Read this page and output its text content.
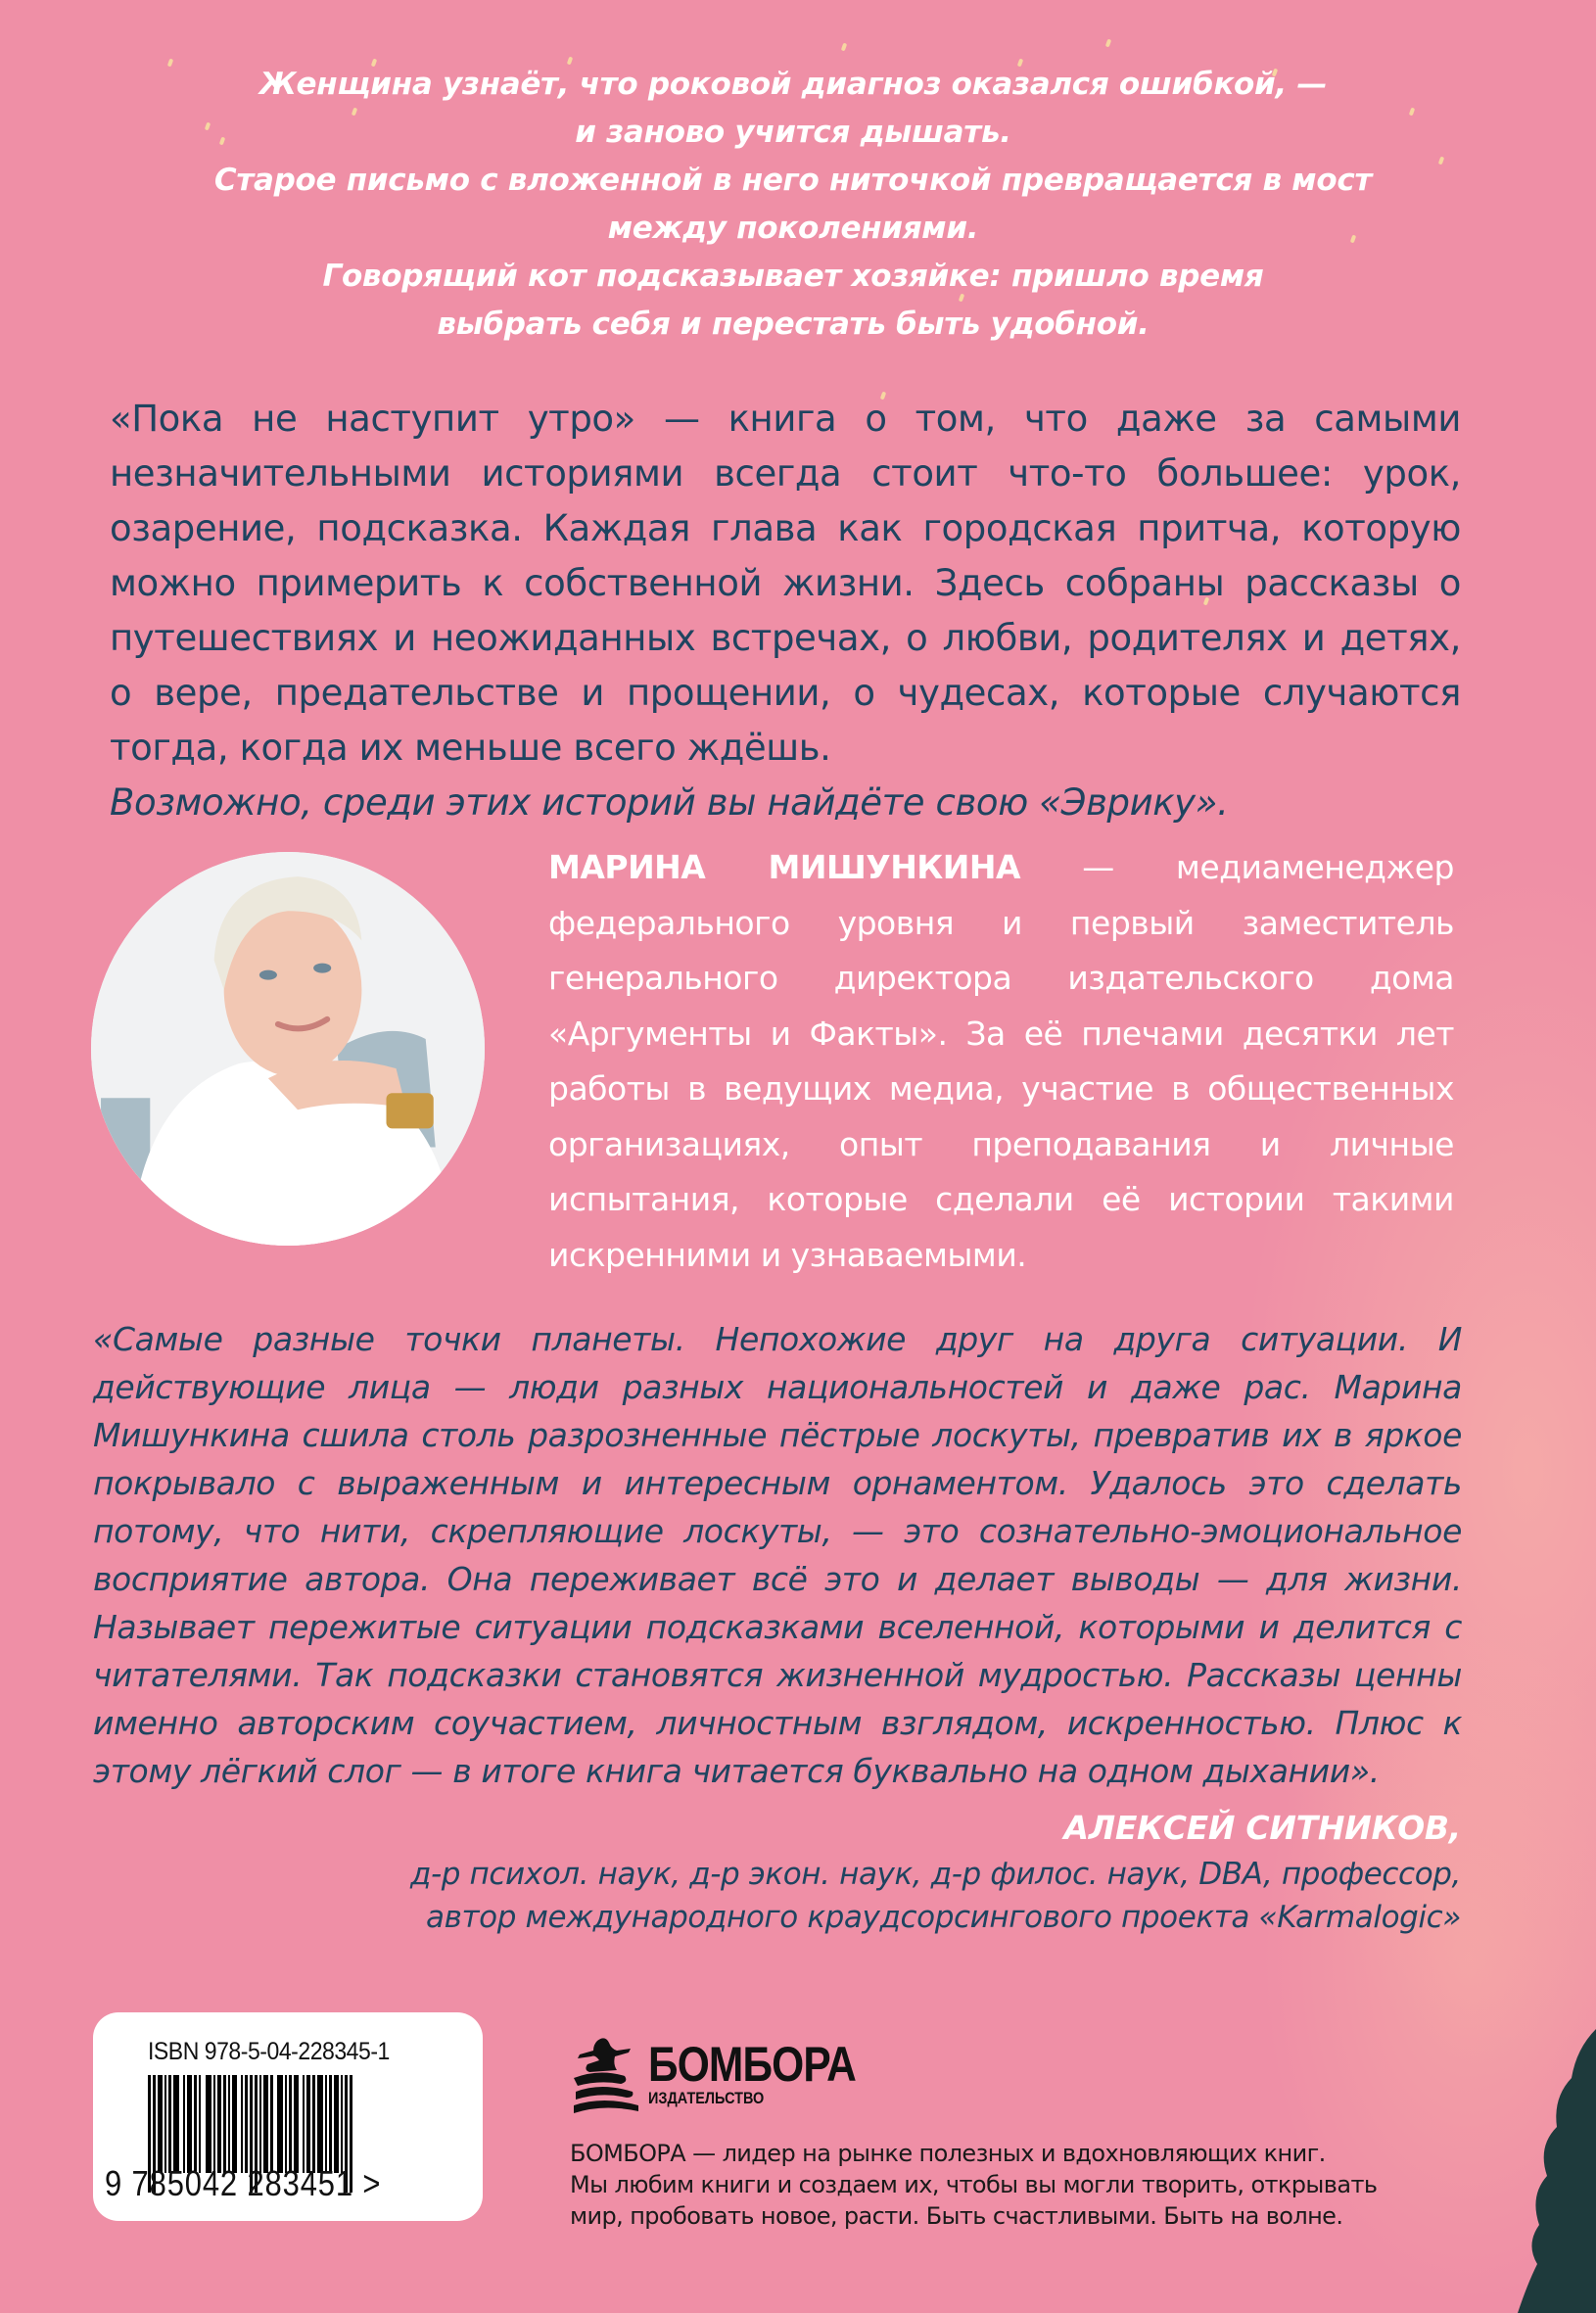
Женщина узнаёт, что роковой диагноз оказался ошибкой, —

и заново учится дышать.

Старое письмо с вложенной в него ниточкой превращается в мост

между поколениями.

Говорящий кот подсказывает хозяйке: пришло время

выбрать себя и перестать быть удобной.

«Пока не наступит утро» — книга о том, что даже за самыми незначительными историями всегда стоит что-то большее: урок, озарение, подсказка. Каждая глава как городская притча, которую можно примерить к собственной жизни. Здесь собраны рассказы о путешествиях и неожиданных встречах, о любви, родителях и детях, о вере, предательстве и прощении, о чудесах, которые случаются тогда, когда их меньше всего ждёшь.

Возможно, среди этих историй вы найдёте свою «Эврику».

МАРИНА МИШУНКИНА — медиаменеджер федерального уровня и первый заместитель генерального директора издательского дома «Аргументы и Факты». За её плечами десятки лет работы в ведущих медиа, участие в общественных организациях, опыт преподавания и личные испытания, которые сделали её истории такими искренними и узнаваемыми.

«Самые разные точки планеты. Непохожие друг на друга ситуации. И действующие лица — люди разных национальностей и даже рас. Марина Мишункина сшила столь разрозненные пёстрые лоскуты, превратив их в яркое покрывало с выраженным и интересным орнаментом. Удалось это сделать потому, что нити, скрепляющие лоскуты, — это сознательно-эмоциональное восприятие автора. Она переживает всё это и делает выводы — для жизни. Называет пережитые ситуации подсказками вселенной, которыми и делится с читателями. Так подсказки становятся жизненной мудростью. Рассказы ценны именно авторским соучастием, личностным взглядом, искренностью. Плюс к этому лёгкий слог — в итоге книга читается буквально на одном дыхании».

АЛЕКСЕЙ СИТНИКОВ,
д-р психол. наук, д-р экон. наук, д-р филос. наук, DBA, профессор,
автор международного краудсорсингового проекта «Karmalogic»
ISBN 978-5-04-228345-1
9 785042 283451 >
БОМБОРА
ИЗДАТЕЛЬСТВО

БОМБОРА — лидер на рынке полезных и вдохновляющих книг.

Мы любим книги и создаем их, чтобы вы могли творить, открывать

мир, пробовать новое, расти. Быть счастливыми. Быть на волне.
